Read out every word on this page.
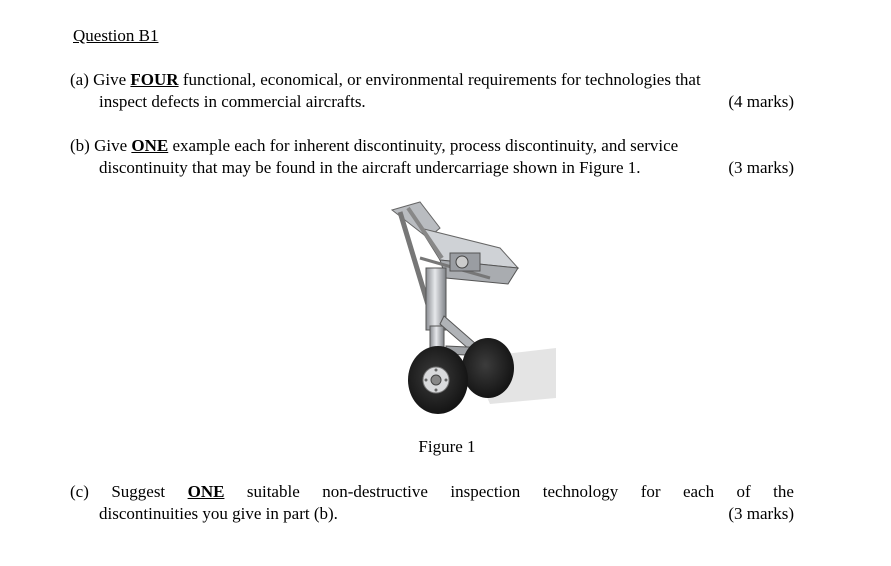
Question B1
(a)
Give
FOUR
functional, economical, or environmental requirements for technologies that
inspect defects in commercial aircrafts.	(4 marks)
(b)
Give
ONE
example each for inherent discontinuity, process discontinuity, and service
discontinuity that may be found in the aircraft undercarriage shown in Figure 1.	(3 marks)
Figure 1
(c) Suggest ONE suitable non-destructive inspection technology for each of the
discontinuities you give in part (b).	(3 marks)
